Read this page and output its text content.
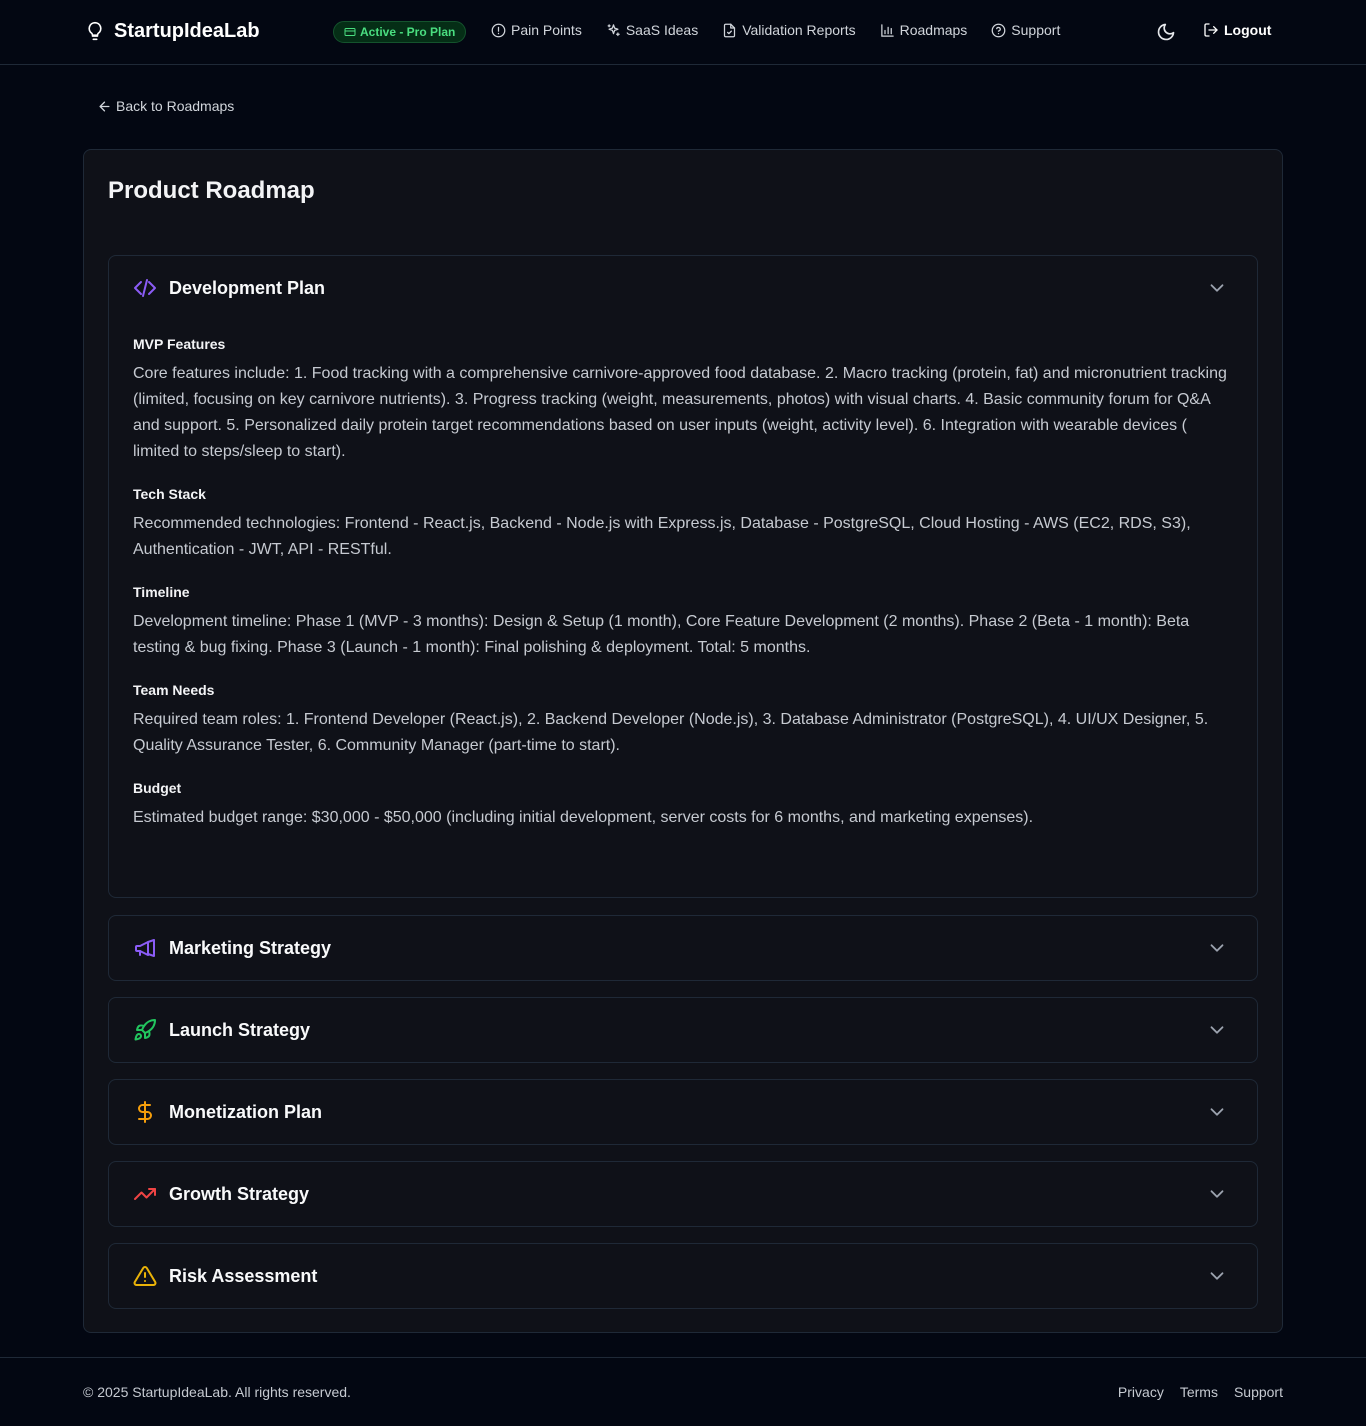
StartupIdeaLab	Active - Pro Plan	Pain Points	SaaS Ideas	Validation Reports	Roadmaps	Support	Logout
Back to Roadmaps
Product Roadmap
Development Plan
MVP Features

Core features include: 1. Food tracking with a comprehensive carnivore-approved food database. 2. Macro tracking (protein, fat) and micronutrient tracking (limited, focusing on key carnivore nutrients). 3. Progress tracking (weight, measurements, photos) with visual charts. 4. Basic community forum for Q&A and support. 5. Personalized daily protein target recommendations based on user inputs (weight, activity level). 6. Integration with wearable devices ( limited to steps/sleep to start).

Tech Stack

Recommended technologies: Frontend - React.js, Backend - Node.js with Express.js, Database - PostgreSQL, Cloud Hosting - AWS (EC2, RDS, S3), Authentication - JWT, API - RESTful.

Timeline

Development timeline: Phase 1 (MVP - 3 months): Design & Setup (1 month), Core Feature Development (2 months). Phase 2 (Beta - 1 month): Beta testing & bug fixing. Phase 3 (Launch - 1 month): Final polishing & deployment. Total: 5 months.

Team Needs

Required team roles: 1. Frontend Developer (React.js), 2. Backend Developer (Node.js), 3. Database Administrator (PostgreSQL), 4. UI/UX Designer, 5. Quality Assurance Tester, 6. Community Manager (part-time to start).

Budget

Estimated budget range: $30,000 - $50,000 (including initial development, server costs for 6 months, and marketing expenses).

Marketing Strategy
Launch Strategy
Monetization Plan
Growth Strategy
Risk Assessment
© 2025 StartupIdeaLab. All rights reserved.	Privacy Terms Support
